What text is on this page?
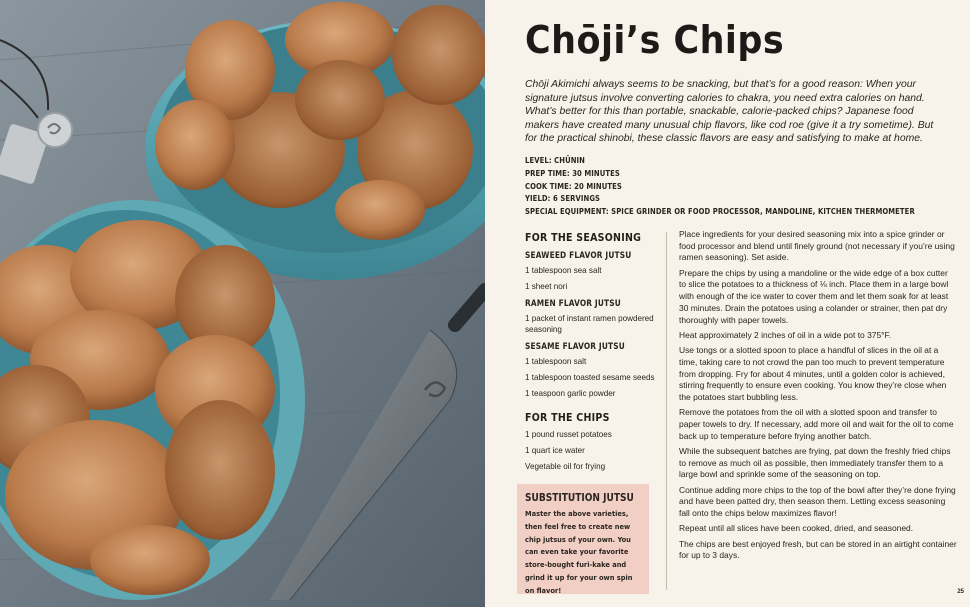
Chōji’s Chips

Chōji Akimichi always seems to be snacking, but that’s for a good reason: When your signature jutsus involve converting calories to chakra, you need extra calories on hand. What’s better for this than portable, snackable, calorie-packed chips? Japanese food makers have created many unusual chip flavors, like cod roe (give it a try sometime). But for the practical shinobi, these classic flavors are easy and satisfying to make at home.

LEVEL: CHŪNIN
PREP TIME: 30 MINUTES
COOK TIME: 20 MINUTES
YIELD: 6 SERVINGS
SPECIAL EQUIPMENT: SPICE GRINDER OR FOOD PROCESSOR, MANDOLINE, KITCHEN THERMOMETER
FOR THE SEASONING
SEAWEED FLAVOR JUTSU
1 tablespoon sea salt
1 sheet nori
RAMEN FLAVOR JUTSU
1 packet of instant ramen powdered seasoning
SESAME FLAVOR JUTSU
1 tablespoon salt
1 tablespoon toasted sesame seeds
1 teaspoon garlic powder
FOR THE CHIPS
1 pound russet potatoes
1 quart ice water
Vegetable oil for frying
SUBSTITUTION JUTSU

Master the above varieties, then feel free to create new chip jutsus of your own. You can even take your favorite store-bought furi-kake and grind it up for your own spin on flavor!

Place ingredients for your desired seasoning mix into a spice grinder or food processor and blend until finely ground (not necessary if you’re using ramen seasoning). Set aside.

Prepare the chips by using a mandoline or the wide edge of a box cutter to slice the potatoes to a thickness of ⅛ inch. Place them in a large bowl with enough of the ice water to cover them and let them soak for at least 30 minutes. Drain the potatoes using a colander or strainer, then pat dry thoroughly with paper towels.

Heat approximately 2 inches of oil in a wide pot to 375°F.

Use tongs or a slotted spoon to place a handful of slices in the oil at a time, taking care to not crowd the pan too much to prevent temperature from dropping. Fry for about 4 minutes, until a golden color is achieved, stirring frequently to ensure even cooking. You know they’re close when the potatoes start bubbling less.

Remove the potatoes from the oil with a slotted spoon and transfer to paper towels to dry. If necessary, add more oil and wait for the oil to come back up to temperature before frying another batch.

While the subsequent batches are frying, pat down the freshly fried chips to remove as much oil as possible, then immediately transfer them to a large bowl and sprinkle some of the seasoning on top.

Continue adding more chips to the top of the bowl after they’re done frying and have been patted dry, then season them. Letting excess seasoning fall onto the chips below maximizes flavor!

Repeat until all slices have been cooked, dried, and seasoned.

The chips are best enjoyed fresh, but can be stored in an airtight container for up to 3 days.

25
